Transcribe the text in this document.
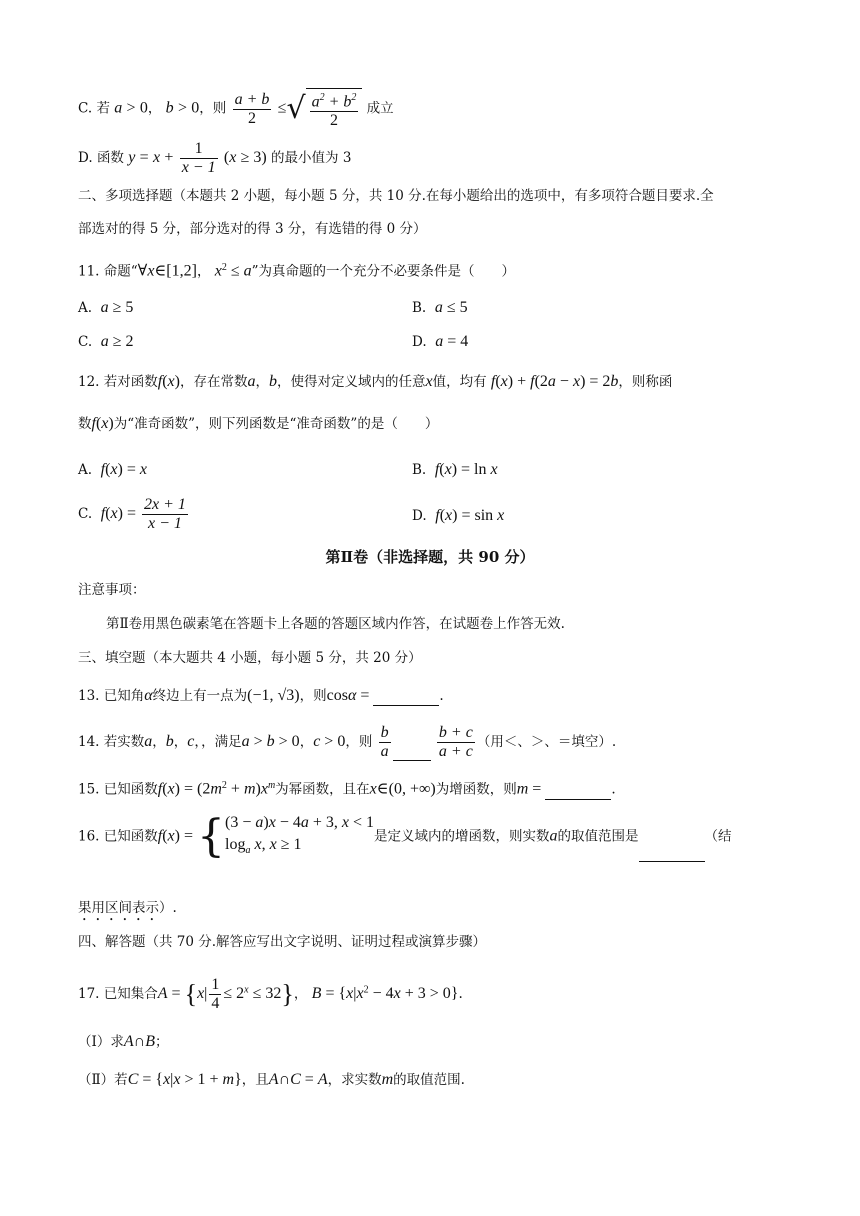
C. 若 a > 0， b > 0，则 $\frac{a + b}{2}$ ≤√ $\frac{a^2 + b^2}{2}$ 成立
D. 函数 $y = x + \frac{1}{x - 1} (x \ge 3)$ 的最小值为 3
二、多项选择题（本题共 2 小题，每小题 5 分，共 10 分.在每小题给出的选项中，有多项符合题目要求.全
部选对的得 5 分，部分选对的得 3 分，有选错的得 0 分）
11. 命题“∀x∈[1,2]， $x^2 \le a$”为真命题的一个充分不必要条件是（　　）
A. a ≥ 5	B. a ≤ 5
C. a ≥ 2	D. a = 4
12. 若对函数f(x)，存在常数a，b，使得对定义域内的任意x值，均有 f(x) + f(2a − x) = 2b，则称函
数f(x)为“准奇函数”，则下列函数是“准奇函数”的是（　　）
A. f(x) = x	B. f(x) = ln x
C. $f(x) = \frac{2x + 1}{x - 1}$	D. f(x) = sin x
第Ⅱ卷（非选择题，共 90 分）
注意事项：
第Ⅱ卷用黑色碳素笔在答题卡上各题的答题区域内作答，在试题卷上作答无效.
三、填空题（本大题共 4 小题，每小题 5 分，共 20 分）
13. 已知角α终边上有一点为(−1, √3)，则cosα =	.
14. 若实数a，b，c，，满足a > b > 0，c > 0，则 $\frac{b}{a}$
	$\frac{b + c}{a + c}$ （用＜、＞、＝填空）.
15. 已知函数$f(x) = (2m^2 + m)x^m$为幂函数，且在x∈(0, +∞)为增函数，则m =	.
16. 已知函数f(x) = { (3 − a)x − 4a + 3, x < 1
$\log_a x$, x ≥ 1	是定义域内的增函数，则实数a的取值范围是	（结
果用区间表示）.
四、解答题（共 70 分.解答应写出文字说明、证明过程或演算步骤）
17. 已知集合$A = \{x| \frac{1}{4} \le 2^x \le 32\}$， $B = \{x|x^2 - 4x + 3 > 0\}$.
（Ⅰ）求A∩B；
（Ⅱ）若C = {x|x > 1 + m}，且A∩C = A，求实数m的取值范围.
